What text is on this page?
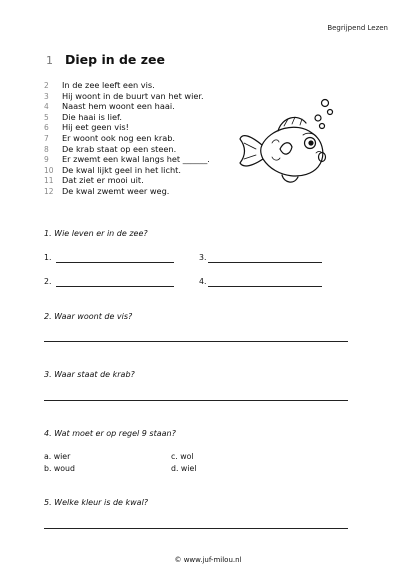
Begrijpend Lezen
1 Diep in de zee
2 In de zee leeft een vis.
3 Hij woont in de buurt van het wier.
4 Naast hem woont een haai.
5 Die haai is lief.
6 Hij eet geen vis!
7 Er woont ook nog een krab.
8 De krab staat op een steen.
9 Er zwemt een kwal langs het ______.
10 De kwal lijkt geel in het licht.
11 Dat ziet er mooi uit.
12 De kwal zwemt weer weg.
1. Wie leven er in de zee?
1.	3.
2.	4.
2. Waar woont de vis?
3. Waar staat de krab?
4. Wat moet er op regel 9 staan?
a. wier	c. wol
b. woud	d. wiel
5. Welke kleur is de kwal?
© www.juf-milou.nl
